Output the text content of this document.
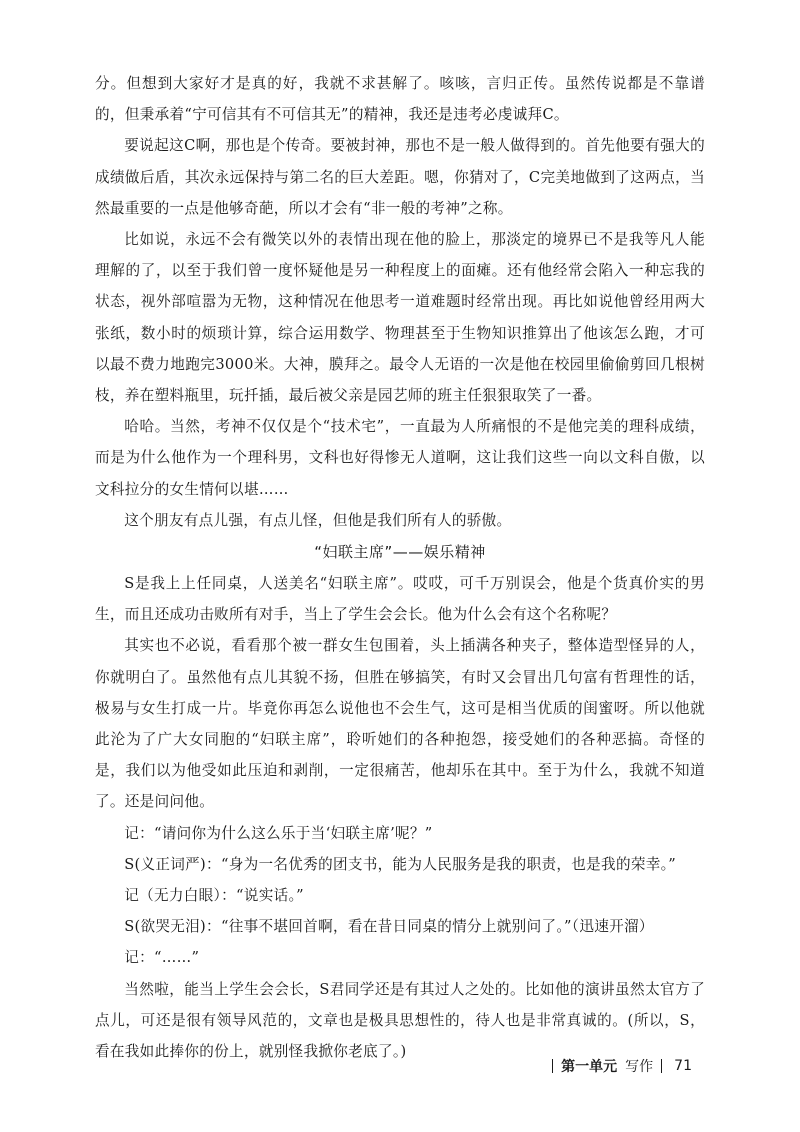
分。但想到大家好才是真的好，我就不求甚解了。咳咳，言归正传。虽然传说都是不靠谱的，但秉承着“宁可信其有不可信其无”的精神，我还是违考必虔诚拜C。

要说起这C啊，那也是个传奇。要被封神，那也不是一般人做得到的。首先他要有强大的成绩做后盾，其次永远保持与第二名的巨大差距。嗯，你猜对了，C完美地做到了这两点，当然最重要的一点是他够奇葩，所以才会有“非一般的考神”之称。

比如说，永远不会有微笑以外的表情出现在他的脸上，那淡定的境界已不是我等凡人能理解的了，以至于我们曾一度怀疑他是另一种程度上的面瘫。还有他经常会陷入一种忘我的状态，视外部喧嚣为无物，这种情况在他思考一道难题时经常出现。再比如说他曾经用两大张纸，数小时的烦琐计算，综合运用数学、物理甚至于生物知识推算出了他该怎么跑，才可以最不费力地跑完3000米。大神，膜拜之。最令人无语的一次是他在校园里偷偷剪回几根树枝，养在塑料瓶里，玩扦插，最后被父亲是园艺师的班主任狠狠取笑了一番。

哈哈。当然，考神不仅仅是个“技术宅”，一直最为人所痛恨的不是他完美的理科成绩，而是为什么他作为一个理科男，文科也好得惨无人道啊，这让我们这些一向以文科自傲，以文科拉分的女生情何以堪……

这个朋友有点儿强，有点儿怪，但他是我们所有人的骄傲。

“妇联主席”——娱乐精神

S是我上上任同桌，人送美名“妇联主席”。哎哎，可千万别误会，他是个货真价实的男生，而且还成功击败所有对手，当上了学生会会长。他为什么会有这个名称呢？

其实也不必说，看看那个被一群女生包围着，头上插满各种夹子，整体造型怪异的人，你就明白了。虽然他有点儿其貌不扬，但胜在够搞笑，有时又会冒出几句富有哲理性的话，极易与女生打成一片。毕竟你再怎么说他也不会生气，这可是相当优质的闺蜜呀。所以他就此沦为了广大女同胞的“妇联主席”，聆听她们的各种抱怨，接受她们的各种恶搞。奇怪的是，我们以为他受如此压迫和剥削，一定很痛苦，他却乐在其中。至于为什么，我就不知道了。还是问问他。

记：“请问你为什么这么乐于当‘妇联主席’呢？”

S(义正词严)：“身为一名优秀的团支书，能为人民服务是我的职责，也是我的荣幸。”

记（无力白眼）：“说实话。”

S(欲哭无泪)：“往事不堪回首啊，看在昔日同桌的情分上就别问了。”（迅速开溜）

记：“……”

当然啦，能当上学生会会长，S君同学还是有其过人之处的。比如他的演讲虽然太官方了点儿，可还是很有领导风范的，文章也是极具思想性的，待人也是非常真诚的。(所以，S，看在我如此捧你的份上，就别怪我掀你老底了。)

第一单元 写作 71
